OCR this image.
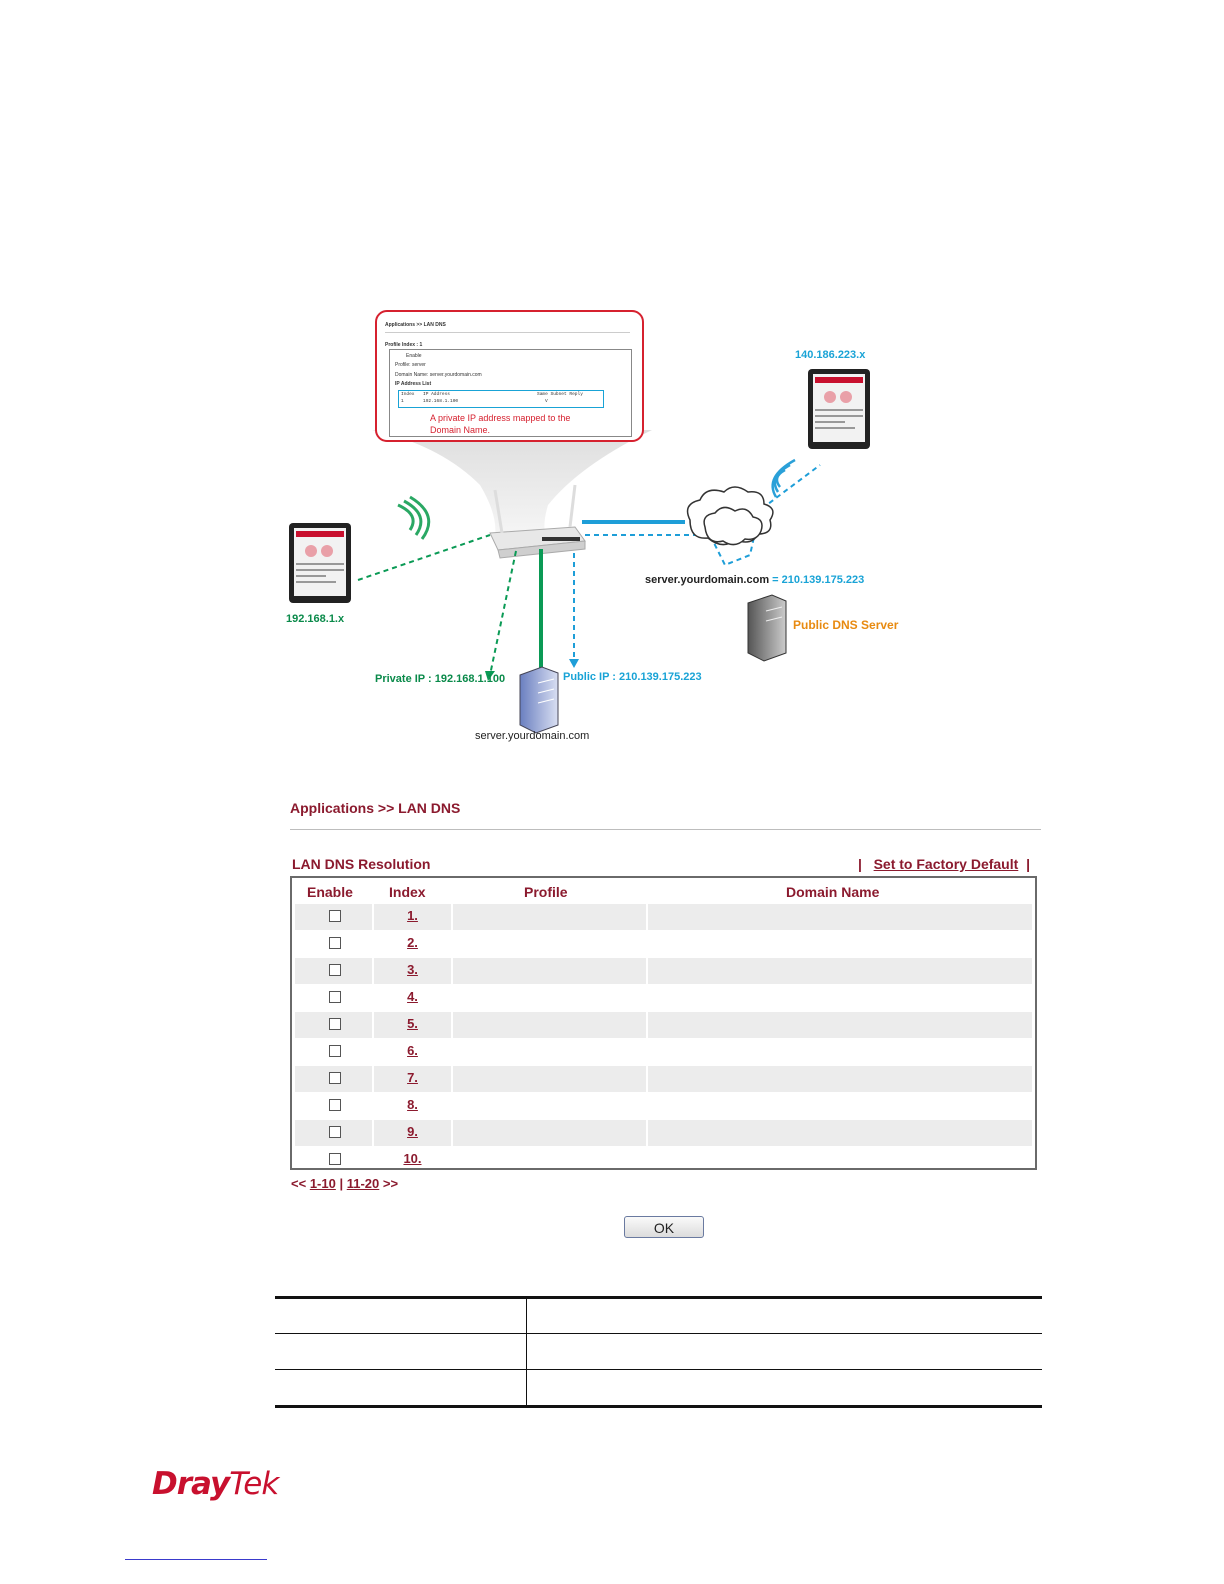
Applications >> LAN DNS
Profile Index : 1
Enable
Profile: server
Domain Name: server.yourdomain.com
IP Address List
Index IP Address	Same Subnet Reply
1	192.168.1.100	V
A private IP address mapped to the
Domain Name.
140.186.223.x
192.168.1.x
server.yourdomain.com = 210.139.175.223
Public DNS Server
Private IP : 192.168.1.100	Public IP : 210.139.175.223
server.yourdomain.com
Applications >> LAN DNS
LAN DNS Resolution	| Set to Factory Default |
Enable	Index	Profile	Domain Name
1.
2.
3.
4.
5.
6.
7.
8.
9.
10.
<< 1-10 | 11-20 >>
OK
DrayTek
